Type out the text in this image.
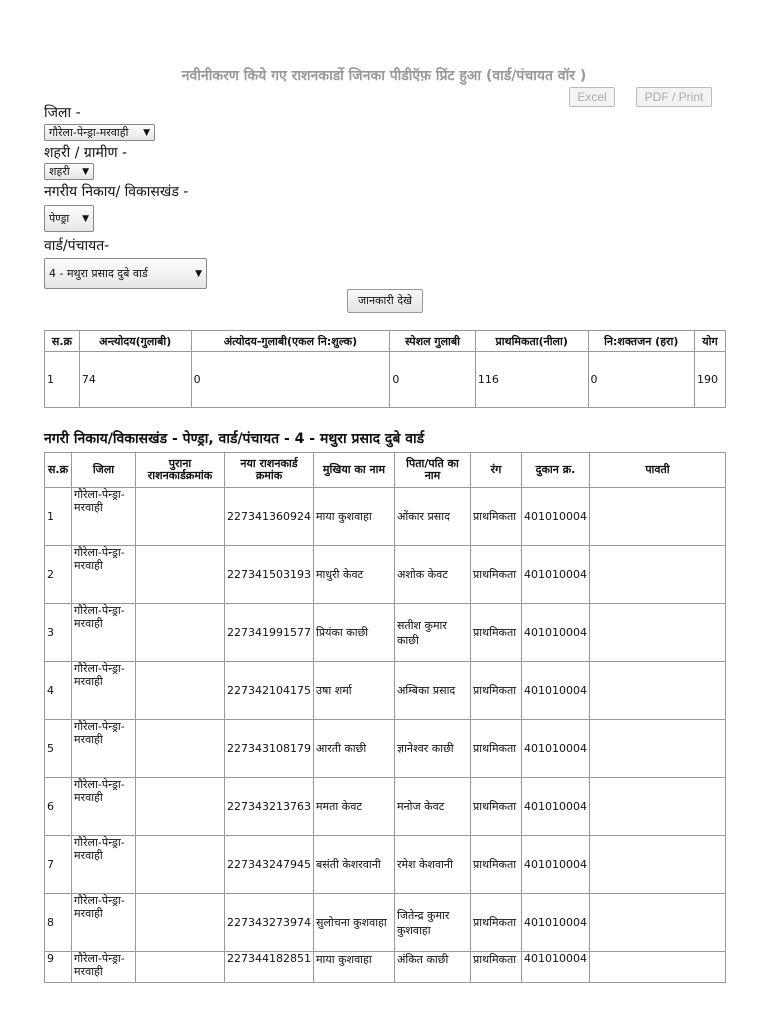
नवीनीकरण किये गए राशनकार्डो जिनका पीडीऍफ़ प्रिंट हुआ (वार्ड/पंचायत वॉर )
Excel	PDF / Print
जिला -
गौरेला-पेन्ड्रा-मरवाही ▼
शहरी / ग्रामीण -
शहरी ▼
नगरीय निकाय/ विकासखंड -
पेण्ड्रा ▼
वार्ड/पंचायत-
4 - मथुरा प्रसाद दुबे वार्ड	▼
जानकारी देखे
स.क्र	अन्त्योदय(गुलाबी)	अंत्योदय-गुलाबी(एकल नि:शुल्क)	स्पेशल गुलाबी	प्राथमिकता(नीला)	नि:शक्तजन (हरा)	योग
1	74	0	0	116	0	190
नगरी निकाय/विकासखंड - पेण्ड्रा, वार्ड/पंचायत - 4 - मथुरा प्रसाद दुबे वार्ड
स.क्र	जिला	पुराना राशनकार्डक्रमांक	नया राशनकार्ड क्रमांक	मुखिया का नाम	पिता/पति का नाम	रंग	दुकान क्र.	पावती
1	गौरेला-पेन्ड्रा-मरवाही		227341360924	माया कुशवाहा	ओंकार प्रसाद	प्राथमिकता	401010004	
2	गौरेला-पेन्ड्रा-मरवाही		227341503193	माधुरी केवट	अशोक केवट	प्राथमिकता	401010004	
3	गौरेला-पेन्ड्रा-मरवाही		227341991577	प्रियंका काछी	सतीश कुमार काछी	प्राथमिकता	401010004	
4	गौरेला-पेन्ड्रा-मरवाही		227342104175	उषा शर्मा	अम्बिका प्रसाद	प्राथमिकता	401010004	
5	गौरेला-पेन्ड्रा-मरवाही		227343108179	आरती काछी	ज्ञानेश्वर काछी	प्राथमिकता	401010004	
6	गौरेला-पेन्ड्रा-मरवाही		227343213763	ममता केवट	मनोज केवट	प्राथमिकता	401010004	
7	गौरेला-पेन्ड्रा-मरवाही		227343247945	बसंती केशरवानी	रमेश केशवानी	प्राथमिकता	401010004	
8	गौरेला-पेन्ड्रा-मरवाही		227343273974	सुलोचना कुशवाहा	जितेन्द्र कुमार कुशवाहा	प्राथमिकता	401010004	
9	गौरेला-पेन्ड्रा-मरवाही		227344182851	माया कुशवाहा	अंकित काछी	प्राथमिकता	401010004	
